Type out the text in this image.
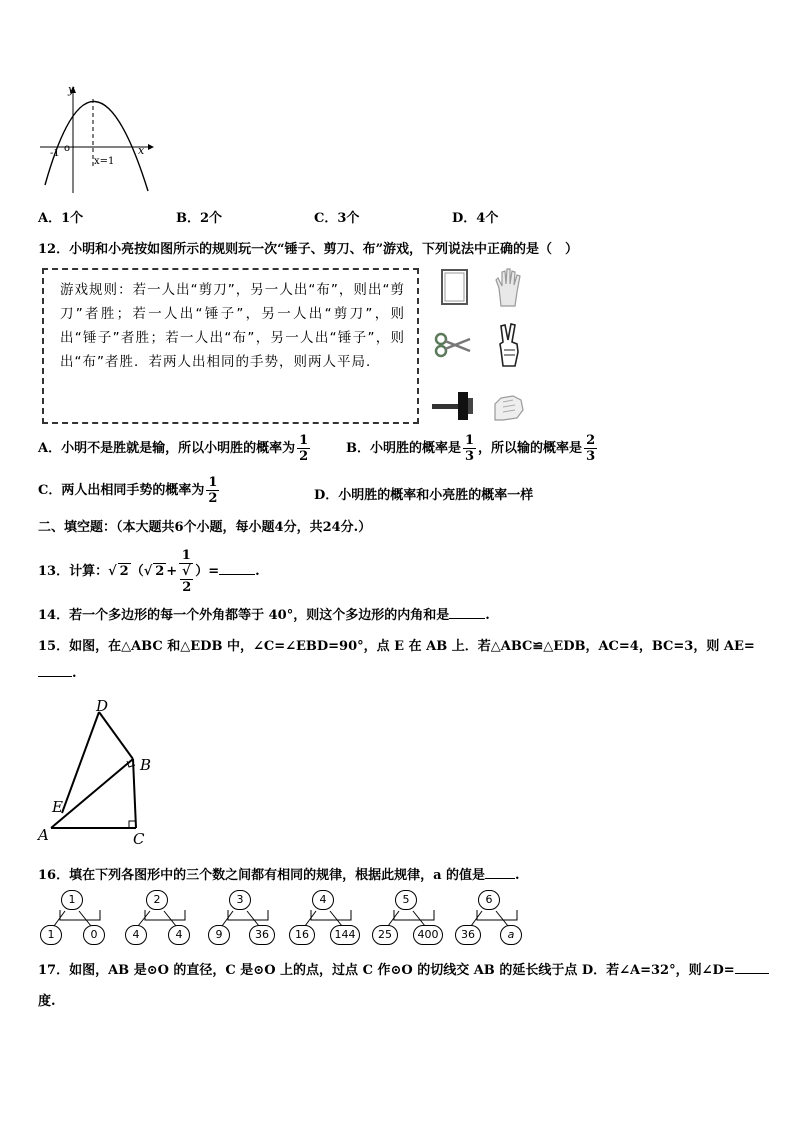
y
x
o
-1
x=1
A．1个	B．2个	C．3个	D．4个
12．小明和小亮按如图所示的规则玩一次“锤子、剪刀、布”游戏，下列说法中正确的是（　）
游戏规则：若一人出“剪刀”，另一人出“布”，则出“剪刀”者胜；若一人出“锤子”，另一人出“剪刀”，则出“锤子”者胜；若一人出“布”，另一人出“锤子”，则出“布”者胜．若两人出相同的手势，则两人平局．
A．小明不是胜就是输，所以小明胜的概率为 $\frac{1}{2}$	B．小明胜的概率是 $\frac{1}{3}$ ，所以输的概率是 $\frac{2}{3}$
C．两人出相同手势的概率为 $\frac{1}{2}$	D．小明胜的概率和小亮胜的概率一样
二、填空题：（本大题共6个小题，每小题4分，共24分.）
13．计算：√ 2 （√ 2 + 1
√
2 ）=	.
14．若一个多边形的每一个外角都等于 40°，则这个多边形的内角和是	.
15．如图，在△ABC 和△EDB 中，∠C=∠EBD=90°，点 E 在 AB 上．若△ABC≌△EDB，AC=4，BC=3，则 AE=
.
D
B
E
A	C
16．填在下列各图形中的三个数之间都有相同的规律，根据此规律，a 的值是 .
1
1	0
2
4	4
3
9	36
4
16	144
5
25	400
6
36	a
17．如图，AB 是⊙O 的直径，C 是⊙O 上的点，过点 C 作⊙O 的切线交 AB 的延长线于点 D．若∠A=32°，则∠D=
度.
